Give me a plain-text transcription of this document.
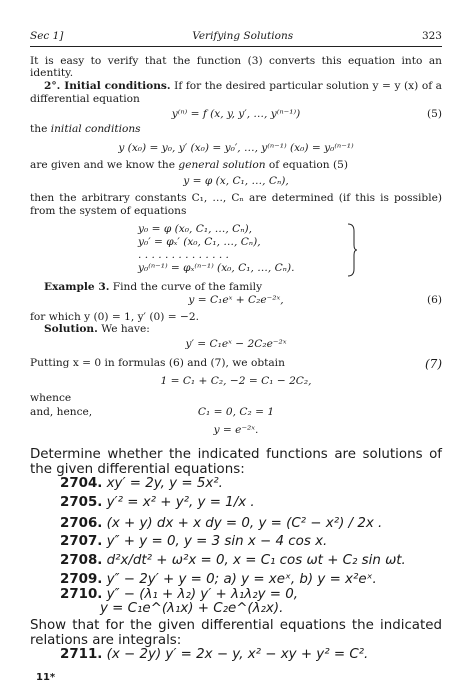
Sec 1]	Verifying Solutions	323

It is easy to verify that the function (3) converts this equation into an identity.

2°. Initial conditions. If for the desired particular solution y = y (x) of a differential equation

y⁽ⁿ⁾ = f (x, y, y′, …, y⁽ⁿ⁻¹⁾)	(5)

the initial conditions

y (x₀) = y₀, y′ (x₀) = y₀′, …, y⁽ⁿ⁻¹⁾ (x₀) = y₀⁽ⁿ⁻¹⁾

are given and we know the general solution of equation (5)

y = φ (x, C₁, …, Cₙ),

then the arbitrary constants C₁, …, Cₙ are determined (if this is possible) from the system of equations

y₀ = φ (x₀, C₁, …, Cₙ),
y₀′ = φₓ′ (x₀, C₁, …, Cₙ),
. . . . . . . . . . . . . .
y₀⁽ⁿ⁻¹⁾ = φₓ⁽ⁿ⁻¹⁾ (x₀, C₁, …, Cₙ).

Example 3. Find the curve of the family

y = C₁eˣ + C₂e⁻²ˣ,	(6)

for which y (0) = 1, y′ (0) = −2.

Solution. We have:

y′ = C₁eˣ − 2C₂e⁻²ˣ
Putting x = 0 in formulas (6) and (7), we obtain	(7)
1 = C₁ + C₂, −2 = C₁ − 2C₂,
whence
and, hence,	C₁ = 0, C₂ = 1
y = e⁻²ˣ.

Determine whether the indicated functions are solutions of the given differential equations:

2704. xy′ = 2y, y = 5x².
2705. y′² = x² + y², y = 1/x .
2706. (x + y) dx + x dy = 0, y = (C² − x²) / 2x .
2707. y″ + y = 0, y = 3 sin x − 4 cos x.
2708. d²x/dt² + ω²x = 0, x = C₁ cos ωt + C₂ sin ωt.
2709. y″ − 2y′ + y = 0; a) y = xeˣ, b) y = x²eˣ.
2710. y″ − (λ₁ + λ₂) y′ + λ₁λ₂y = 0,
y = C₁e^(λ₁x) + C₂e^(λ₂x).

Show that for the given differential equations the indicated relations are integrals:

2711. (x − 2y) y′ = 2x − y, x² − xy + y² = C².
11*
